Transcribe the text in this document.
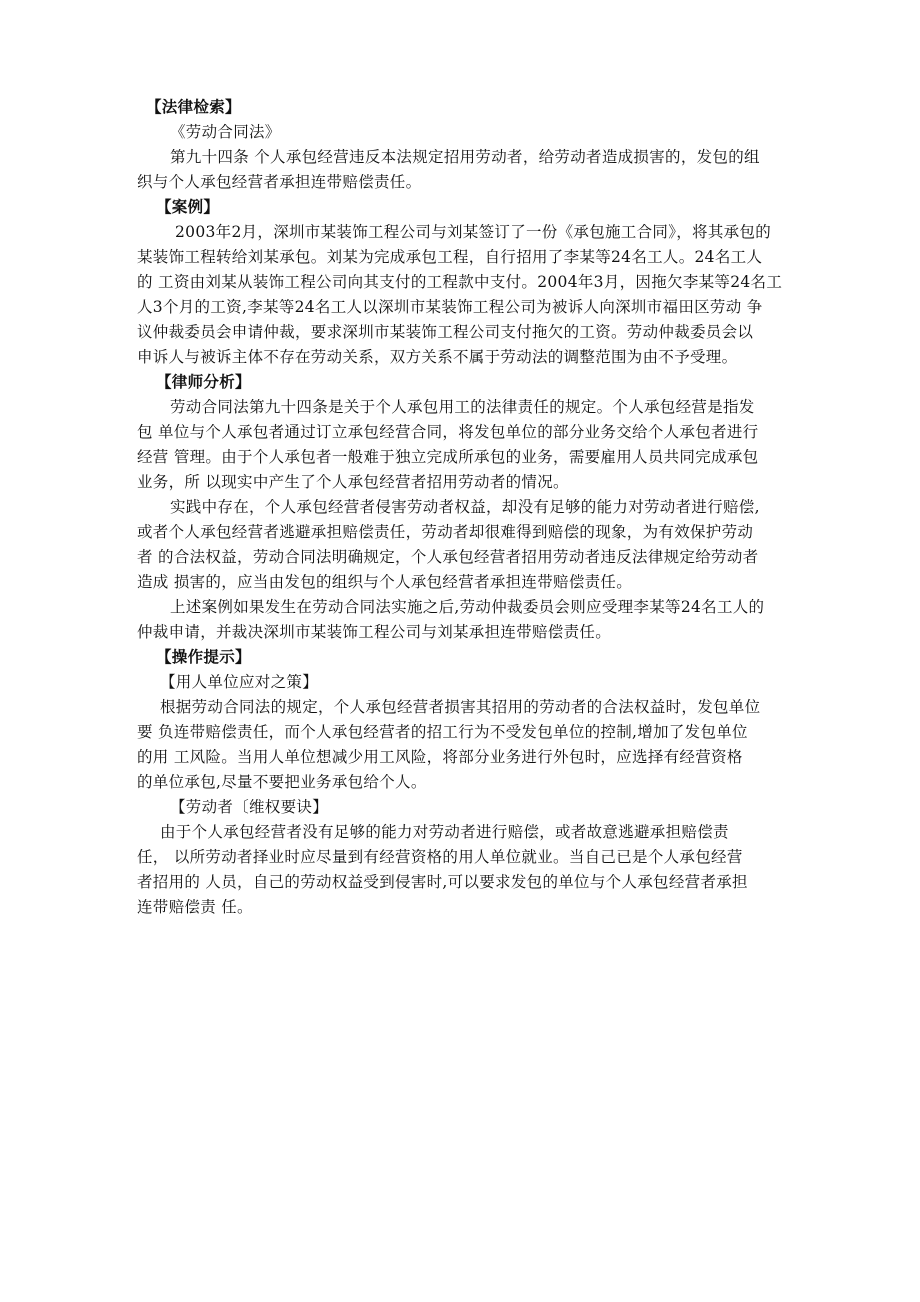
【法律检索】
《劳动合同法》
第九十四条 个人承包经营违反本法规定招用劳动者，给劳动者造成损害的，发包的组
织与个人承包经营者承担连带赔偿责任。
【案例】
2003年2月，深圳市某装饰工程公司与刘某签订了一份《承包施工合同》，将其承包的
某装饰工程转给刘某承包。刘某为完成承包工程，自行招用了李某等24名工人。24名工人
的 工资由刘某从装饰工程公司向其支付的工程款中支付。2004年3月，因拖欠李某等24名工
人3个月的工资,李某等24名工人以深圳市某装饰工程公司为被诉人向深圳市福田区劳动 争
议仲裁委员会申请仲裁，要求深圳市某装饰工程公司支付拖欠的工资。劳动仲裁委员会以
申诉人与被诉主体不存在劳动关系，双方关系不属于劳动法的调整范围为由不予受理。
【律师分析】
劳动合同法第九十四条是关于个人承包用工的法律责任的规定。个人承包经营是指发
包 单位与个人承包者通过订立承包经营合同，将发包单位的部分业务交给个人承包者进行
经营 管理。由于个人承包者一般难于独立完成所承包的业务，需要雇用人员共同完成承包
业务，所 以现实中产生了个人承包经营者招用劳动者的情况。
实践中存在，个人承包经营者侵害劳动者权益，却没有足够的能力对劳动者进行赔偿,
或者个人承包经营者逃避承担赔偿责任，劳动者却很难得到赔偿的现象，为有效保护劳动
者 的合法权益，劳动合同法明确规定，个人承包经营者招用劳动者违反法律规定给劳动者
造成 损害的，应当由发包的组织与个人承包经营者承担连带赔偿责任。
上述案例如果发生在劳动合同法实施之后,劳动仲裁委员会则应受理李某等24名工人的
仲裁申请，并裁决深圳市某装饰工程公司与刘某承担连带赔偿责任。
【操作提示】
【用人单位应对之策】
根据劳动合同法的规定，个人承包经营者损害其招用的劳动者的合法权益时，发包单位
要 负连带赔偿责任，而个人承包经营者的招工行为不受发包单位的控制,增加了发包单位
的用 工风险。当用人单位想减少用工风险，将部分业务进行外包时，应选择有经营资格
的单位承包,尽量不要把业务承包给个人。
【劳动者〔维权要诀】
由于个人承包经营者没有足够的能力对劳动者进行赔偿，或者故意逃避承担赔偿责
任， 以所劳动者择业时应尽量到有经营资格的用人单位就业。当自己已是个人承包经营
者招用的 人员，自己的劳动权益受到侵害时,可以要求发包的单位与个人承包经营者承担
连带赔偿责 任。
